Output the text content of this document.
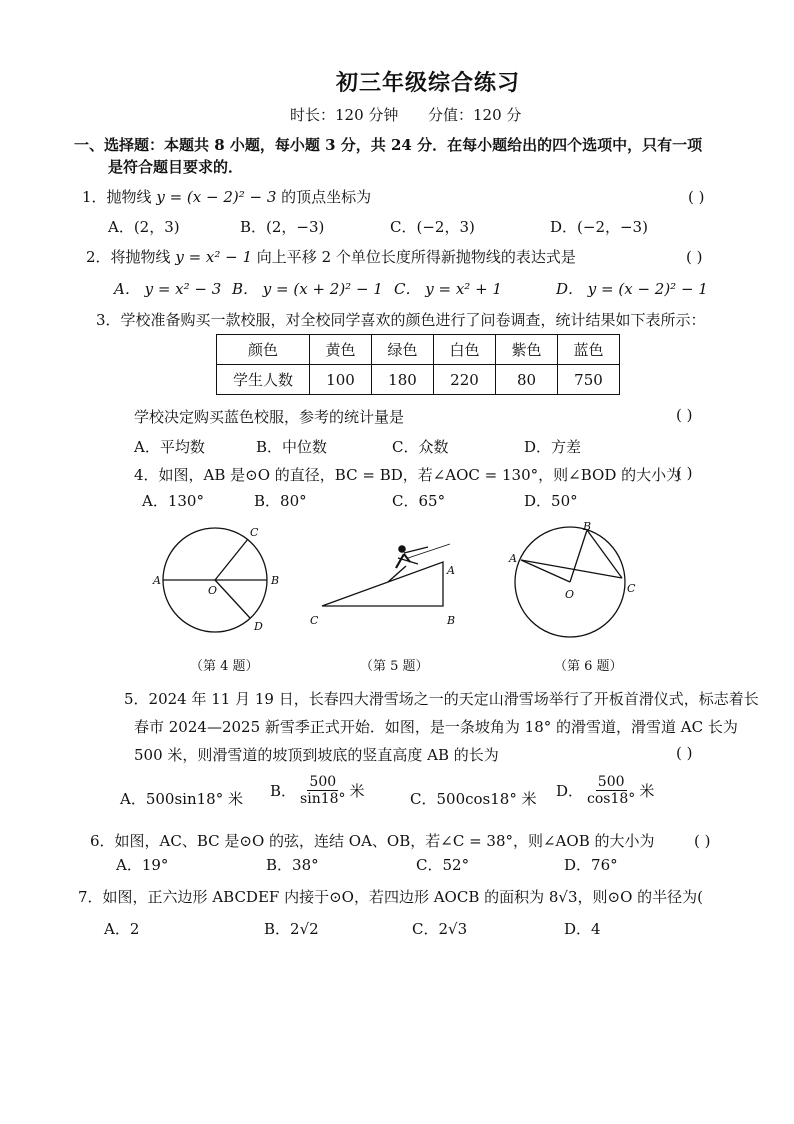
初三年级综合练习
时长：120 分钟 分值：120 分
一、选择题：本题共 8 小题，每小题 3 分，共 24 分．在每小题给出的四个选项中，只有一项
是符合题目要求的．
1．抛物线 y = (x − 2)² − 3 的顶点坐标为	( )
A．(2，3)	B．(2，−3)	C．(−2，3)	D．(−2，−3)
2．将抛物线 y = x² − 1 向上平移 2 个单位长度所得新抛物线的表达式是	( )
A． y = x² − 3 B． y = (x + 2)² − 1 C． y = x² + 1	D． y = (x − 2)² − 1
3．学校准备购买一款校服，对全校同学喜欢的颜色进行了问卷调查，统计结果如下表所示：
颜色	黄色	绿色	白色	紫色	蓝色
学生人数	100	180	220	80	750
学校决定购买蓝色校服，参考的统计量是	( )
A．平均数	B．中位数	C．众数	D．方差
4．如图，AB 是⊙O 的直径，BC = BD，若∠AOC = 130°，则∠BOD 的大小为
( )
A．130°	B．80°	C．65°	D．50°
A	B
C
D
O
A
B
C
A
B
C
O
（第 4 题）	（第 5 题）	（第 6 题）
5．2024 年 11 月 19 日，长春四大滑雪场之一的天定山滑雪场举行了开板首滑仪式，标志着长
春市 2024—2025 新雪季正式开始．如图，是一条坡角为 18° 的滑雪道，滑雪道 AC 长为
500 米，则滑雪道的坡顶到坡底的竖直高度 AB 的长为	( )
A．500sin18° 米 B． $\frac{500}{\sin 18^\circ}$ 米	C．500cos18° 米 D． $\frac{500}{\cos 18^\circ}$ 米
6．如图，AC、BC 是⊙O 的弦，连结 OA、OB，若∠C = 38°，则∠AOB 的大小为	( )
A．19°	B．38°	C．52°	D．76°
7．如图，正六边形 ABCDEF 内接于⊙O，若四边形 AOCB 的面积为 8√3，则⊙O 的半径为(
A．2	B．2√2	C．2√3	D．4
